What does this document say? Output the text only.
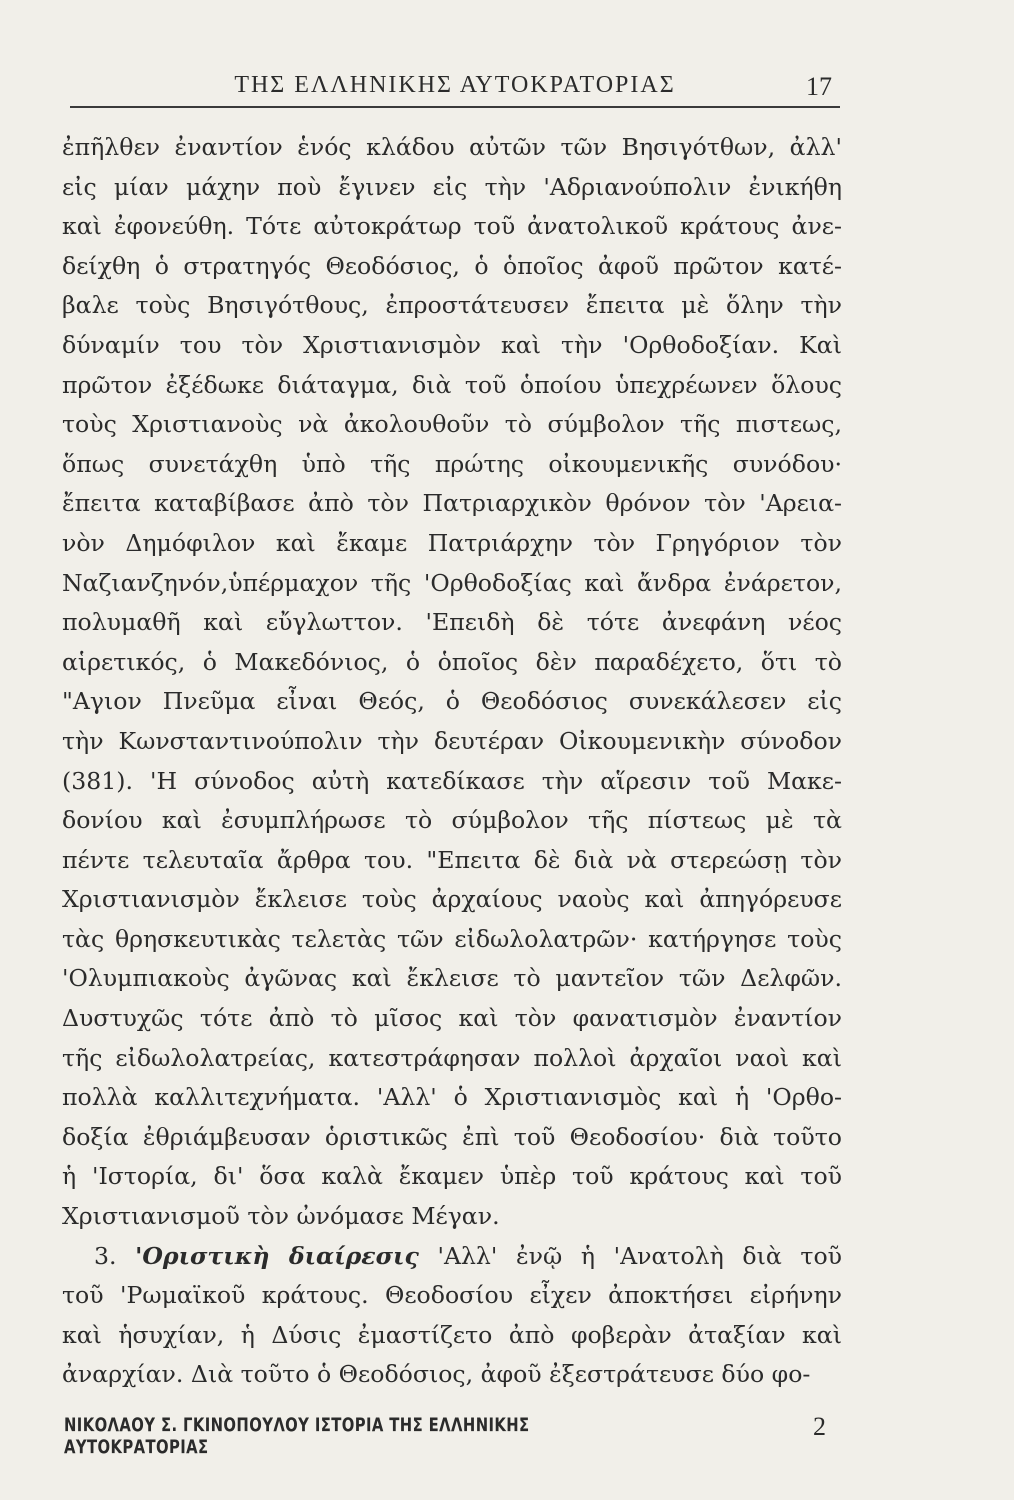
ΤΗΣ ΕΛΛΗΝΙΚΗΣ ΑΥΤΟΚΡΑΤΟΡΙΑΣ	17
ἐπῆλθεν ἐναντίον ἑνός κλάδου αὐτῶν τῶν Βησιγότθων, ἀλλ'
εἰς μίαν μάχην ποὺ ἔγινεν εἰς τὴν 'Αδριανούπολιν ἐνικήθη
καὶ ἐφονεύθη. Τότε αὐτοκράτωρ τοῦ ἀνατολικοῦ κράτους ἀνε-
δείχθη ὁ στρατηγός Θεοδόσιος, ὁ ὁποῖος ἀφοῦ πρῶτον κατέ-
βαλε τοὺς Βησιγότθους, ἐπροστάτευσεν ἔπειτα μὲ ὅλην τὴν
δύναμίν του τὸν Χριστιανισμὸν καὶ τὴν 'Ορθοδοξίαν. Καὶ
πρῶτον ἐξέδωκε διάταγμα, διὰ τοῦ ὁποίου ὑπεχρέωνεν ὅλους
τοὺς Χριστιανοὺς νὰ ἀκολουθοῦν τὸ σύμβολον τῆς πιστεως,
ὅπως συνετάχθη ὑπὸ τῆς πρώτης οἰκουμενικῆς συνόδου·
ἔπειτα καταβίβασε ἀπὸ τὸν Πατριαρχικὸν θρόνον τὸν 'Αρεια-
νὸν Δημόφιλον καὶ ἔκαμε Πατριάρχην τὸν Γρηγόριον τὸν
Ναζιανζηνόν,ὑπέρμαχον τῆς 'Ορθοδοξίας καὶ ἄνδρα ἐνάρετον,
πολυμαθῆ καὶ εὔγλωττον. 'Επειδὴ δὲ τότε ἀνεφάνη νέος
αἱρετικός, ὁ Μακεδόνιος, ὁ ὁποῖος δὲν παραδέχετο, ὅτι τὸ
"Αγιον Πνεῦμα εἶναι Θεός, ὁ Θεοδόσιος συνεκάλεσεν εἰς
τὴν Κωνσταντινούπολιν τὴν δευτέραν Οἰκουμενικὴν σύνοδον
(381). 'Η σύνοδος αὐτὴ κατεδίκασε τὴν αἵρεσιν τοῦ Μακε-
δονίου καὶ ἐσυμπλήρωσε τὸ σύμβολον τῆς πίστεως μὲ τὰ
πέντε τελευταῖα ἄρθρα του. "Επειτα δὲ διὰ νὰ στερεώσῃ τὸν
Χριστιανισμὸν ἔκλεισε τοὺς ἀρχαίους ναοὺς καὶ ἀπηγόρευσε
τὰς θρησκευτικὰς τελετὰς τῶν εἰδωλολατρῶν· κατήργησε τοὺς
'Ολυμπιακοὺς ἀγῶνας καὶ ἔκλεισε τὸ μαντεῖον τῶν Δελφῶν.
Δυστυχῶς τότε ἀπὸ τὸ μῖσος καὶ τὸν φανατισμὸν ἐναντίον
τῆς εἰδωλολατρείας, κατεστράφησαν πολλοὶ ἀρχαῖοι ναοὶ καὶ
πολλὰ καλλιτεχνήματα. 'Αλλ' ὁ Χριστιανισμὸς καὶ ἡ 'Ορθο-
δοξία ἐθριάμβευσαν ὁριστικῶς ἐπὶ τοῦ Θεοδοσίου· διὰ τοῦτο
ἡ 'Ιστορία, δι' ὅσα καλὰ ἔκαμεν ὑπὲρ τοῦ κράτους καὶ τοῦ
Χριστιανισμοῦ τὸν ὠνόμασε Μέγαν.
3. 'Οριστικὴ διαίρεσις 'Αλλ' ἐνῷ ἡ 'Ανατολὴ διὰ τοῦ
τοῦ 'Ρωμαϊκοῦ κράτους. Θεοδοσίου εἶχεν ἀποκτήσει εἰρήνην
καὶ ἡσυχίαν, ἡ Δύσις ἐμαστίζετο ἀπὸ φοβερὰν ἀταξίαν καὶ
ἀναρχίαν. Διὰ τοῦτο ὁ Θεοδόσιος, ἀφοῦ ἐξεστράτευσε δύο φο-
ΝΙΚΟΛΑΟΥ Σ. ΓΚΙΝΟΠΟΥΛΟΥ ΙΣΤΟΡΙΑ ΤΗΣ ΕΛΛΗΝΙΚΗΣ ΑΥΤΟΚΡΑΤΟΡΙΑΣ
2
